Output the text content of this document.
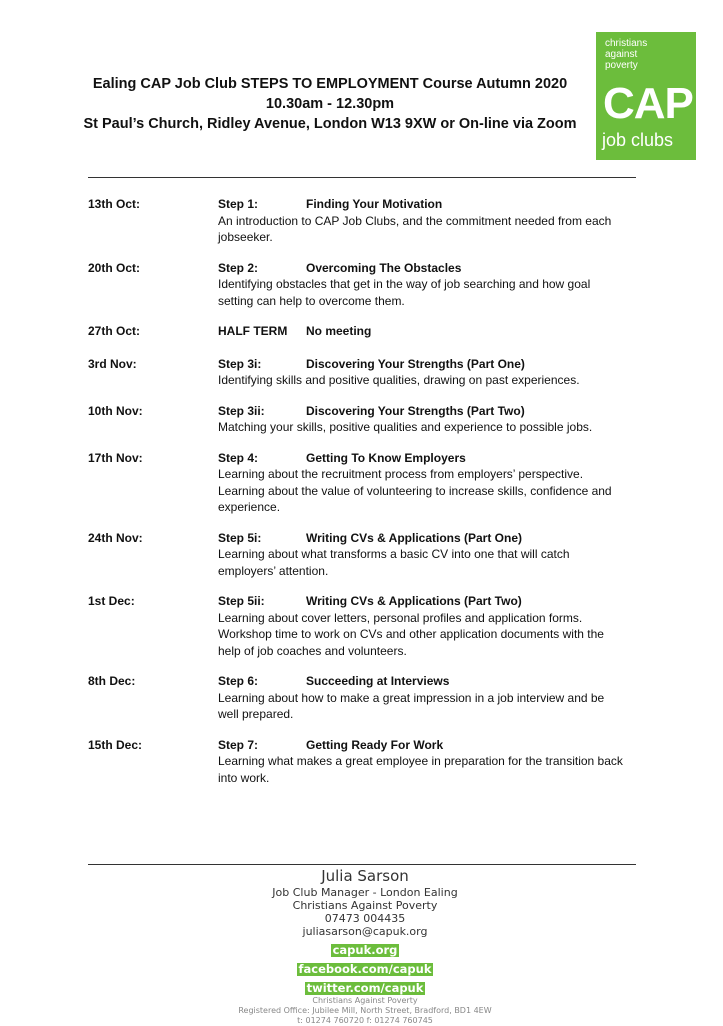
Ealing CAP Job Club STEPS TO EMPLOYMENT Course Autumn 2020
10.30am - 12.30pm
St Paul’s Church, Ridley Avenue, London W13 9XW or On-line via Zoom
christians
against
poverty
CAP
job clubs
13th Oct:	Step 1:	Finding Your Motivation
An introduction to CAP Job Clubs, and the commitment needed from each
jobseeker.
20th Oct:	Step 2:	Overcoming The Obstacles
Identifying obstacles that get in the way of job searching and how goal
setting can help to overcome them.
27th Oct:	HALF TERM No meeting
3rd Nov:	Step 3i:	Discovering Your Strengths (Part One)
Identifying skills and positive qualities, drawing on past experiences.
10th Nov:	Step 3ii:	Discovering Your Strengths (Part Two)
Matching your skills, positive qualities and experience to possible jobs.
17th Nov:	Step 4:	Getting To Know Employers
Learning about the recruitment process from employers’ perspective.
Learning about the value of volunteering to increase skills, confidence and
experience.
24th Nov:	Step 5i:	Writing CVs & Applications (Part One)
Learning about what transforms a basic CV into one that will catch
employers’ attention.
1st Dec:	Step 5ii:	Writing CVs & Applications (Part Two)
Learning about cover letters, personal profiles and application forms.
Workshop time to work on CVs and other application documents with the
help of job coaches and volunteers.
8th Dec:	Step 6:	Succeeding at Interviews
Learning about how to make a great impression in a job interview and be
well prepared.
15th Dec:	Step 7:	Getting Ready For Work
Learning what makes a great employee in preparation for the transition back
into work.
Julia Sarson
Job Club Manager - London Ealing
Christians Against Poverty
07473 004435
juliasarson@capuk.org
capuk.org
facebook.com/capuk
twitter.com/capuk
Christians Against Poverty
Registered Office: Jubilee Mill, North Street, Bradford, BD1 4EW
t: 01274 760720 f: 01274 760745
